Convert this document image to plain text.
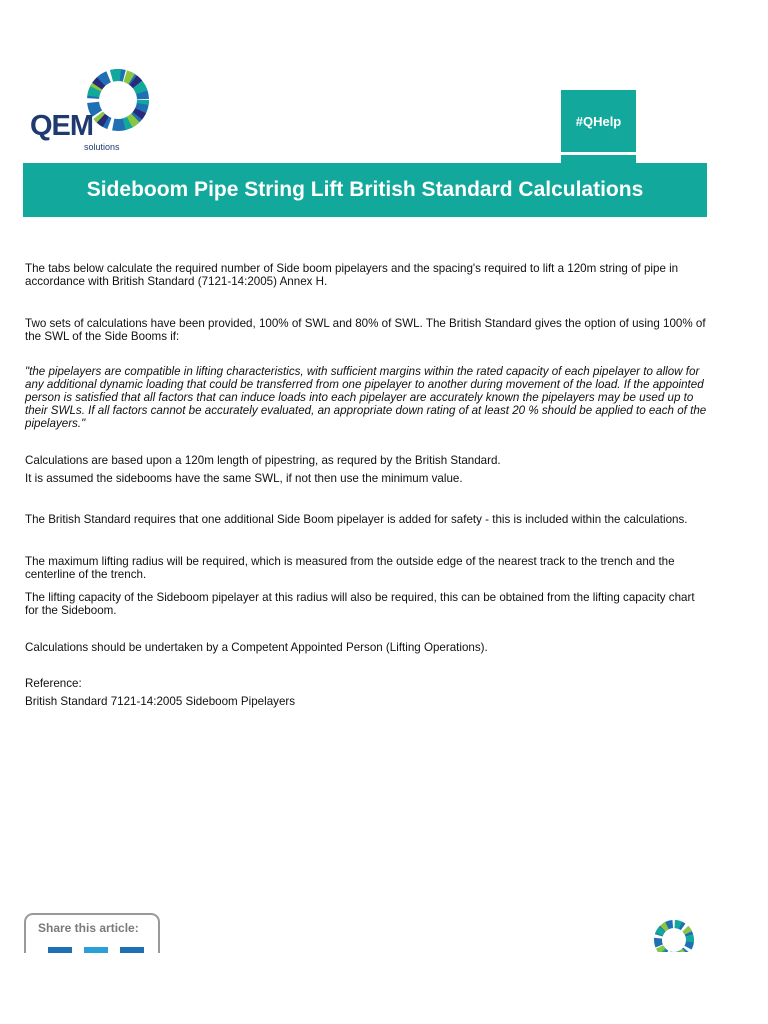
QEM
solutions
#QHelp
Sideboom Pipe String Lift British Standard Calculations

The tabs below calculate the required number of Side boom pipelayers and the spacing's required to lift a 120m string of pipe in accordance with British Standard (7121-14:2005) Annex H.

Two sets of calculations have been provided, 100% of SWL and 80% of SWL. The British Standard gives the option of using 100% of the SWL of the Side Booms if:

"the pipelayers are compatible in lifting characteristics, with sufficient margins within the rated capacity of each pipelayer to allow for any additional dynamic loading that could be transferred from one pipelayer to another during movement of the load. If the appointed person is satisfied that all factors that can induce loads into each pipelayer are accurately known the pipelayers may be used up to their SWLs. If all factors cannot be accurately evaluated, an appropriate down rating of at least 20 % should be applied to each of the pipelayers."

Calculations are based upon a 120m length of pipestring, as requred by the British Standard.

It is assumed the sidebooms have the same SWL, if not then use the minimum value.

The British Standard requires that one additional Side Boom pipelayer is added for safety - this is included within the calculations.

The maximum lifting radius will be required, which is measured from the outside edge of the nearest track to the trench and the centerline of the trench.

The lifting capacity of the Sideboom pipelayer at this radius will also be required, this can be obtained from the lifting capacity chart for the Sideboom.

Calculations should be undertaken by a Competent Appointed Person (Lifting Operations).

Reference:

British Standard 7121-14:2005 Sideboom Pipelayers

Share this article:
